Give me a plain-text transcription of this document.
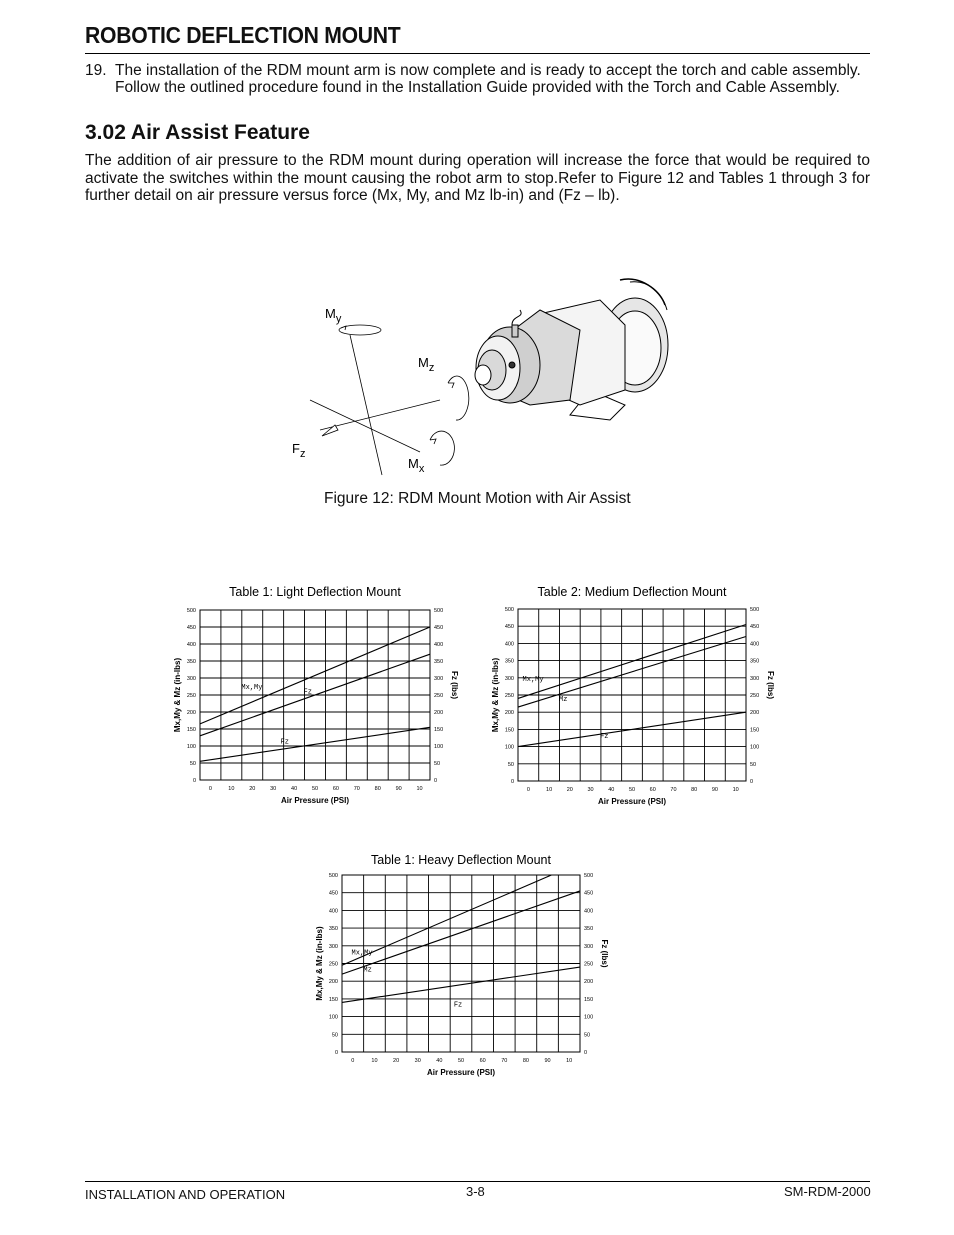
ROBOTIC DEFLECTION MOUNT
19. The installation of the RDM mount arm is now complete and is ready to accept the torch and cable assembly. Follow the outlined procedure found in the Installation Guide provided with the Torch and Cable Assembly.
3.02 Air Assist Feature
The addition of air pressure to the RDM mount during operation will increase the force that would be required to activate the switches within the mount causing the robot arm to stop.Refer to Figure 12 and Tables 1 through 3 for further detail on air pressure versus force (Mx, My, and Mz lb-in) and (Fz – lb).
$M_y$
$M_z$
$F_z$
$M_x$
Figure 12: RDM Mount Motion with Air Assist
Table 1: Light Deflection Mount
0	0
50	50
100	100
150	150
200	200
250	250
300	300
350	350
400	400
450	450
500	500
0	10	20	30	40	50	60	70	80	90	10
Air Pressure (PSI)
Mx,My & Mz (in-lbs)	Fz (lbs)
Mx,My
Fz
Fz
Table 2: Medium Deflection Mount
0	0
50	50
100	100
150	150
200	200
250	250
300	300
350	350
400	400
450	450
500	500
0	10	20	30	40	50	60	70	80	90	10
Air Pressure (PSI)
Mx,My & Mz (in-lbs)	Fz (lbs)
Mx,My
Mz
Fz
Table 1: Heavy Deflection Mount
0	0
50	50
100	100
150	150
200	200
250	250
300	300
350	350
400	400
450	450
500	500
0	10	20	30	40	50	60	70	80	90	10
Air Pressure (PSI)
Mx,My & Mz (in-lbs)	Fz (lbs)
Mx,My
Mz
Fz
INSTALLATION AND OPERATION	3-8	SM-RDM-2000
